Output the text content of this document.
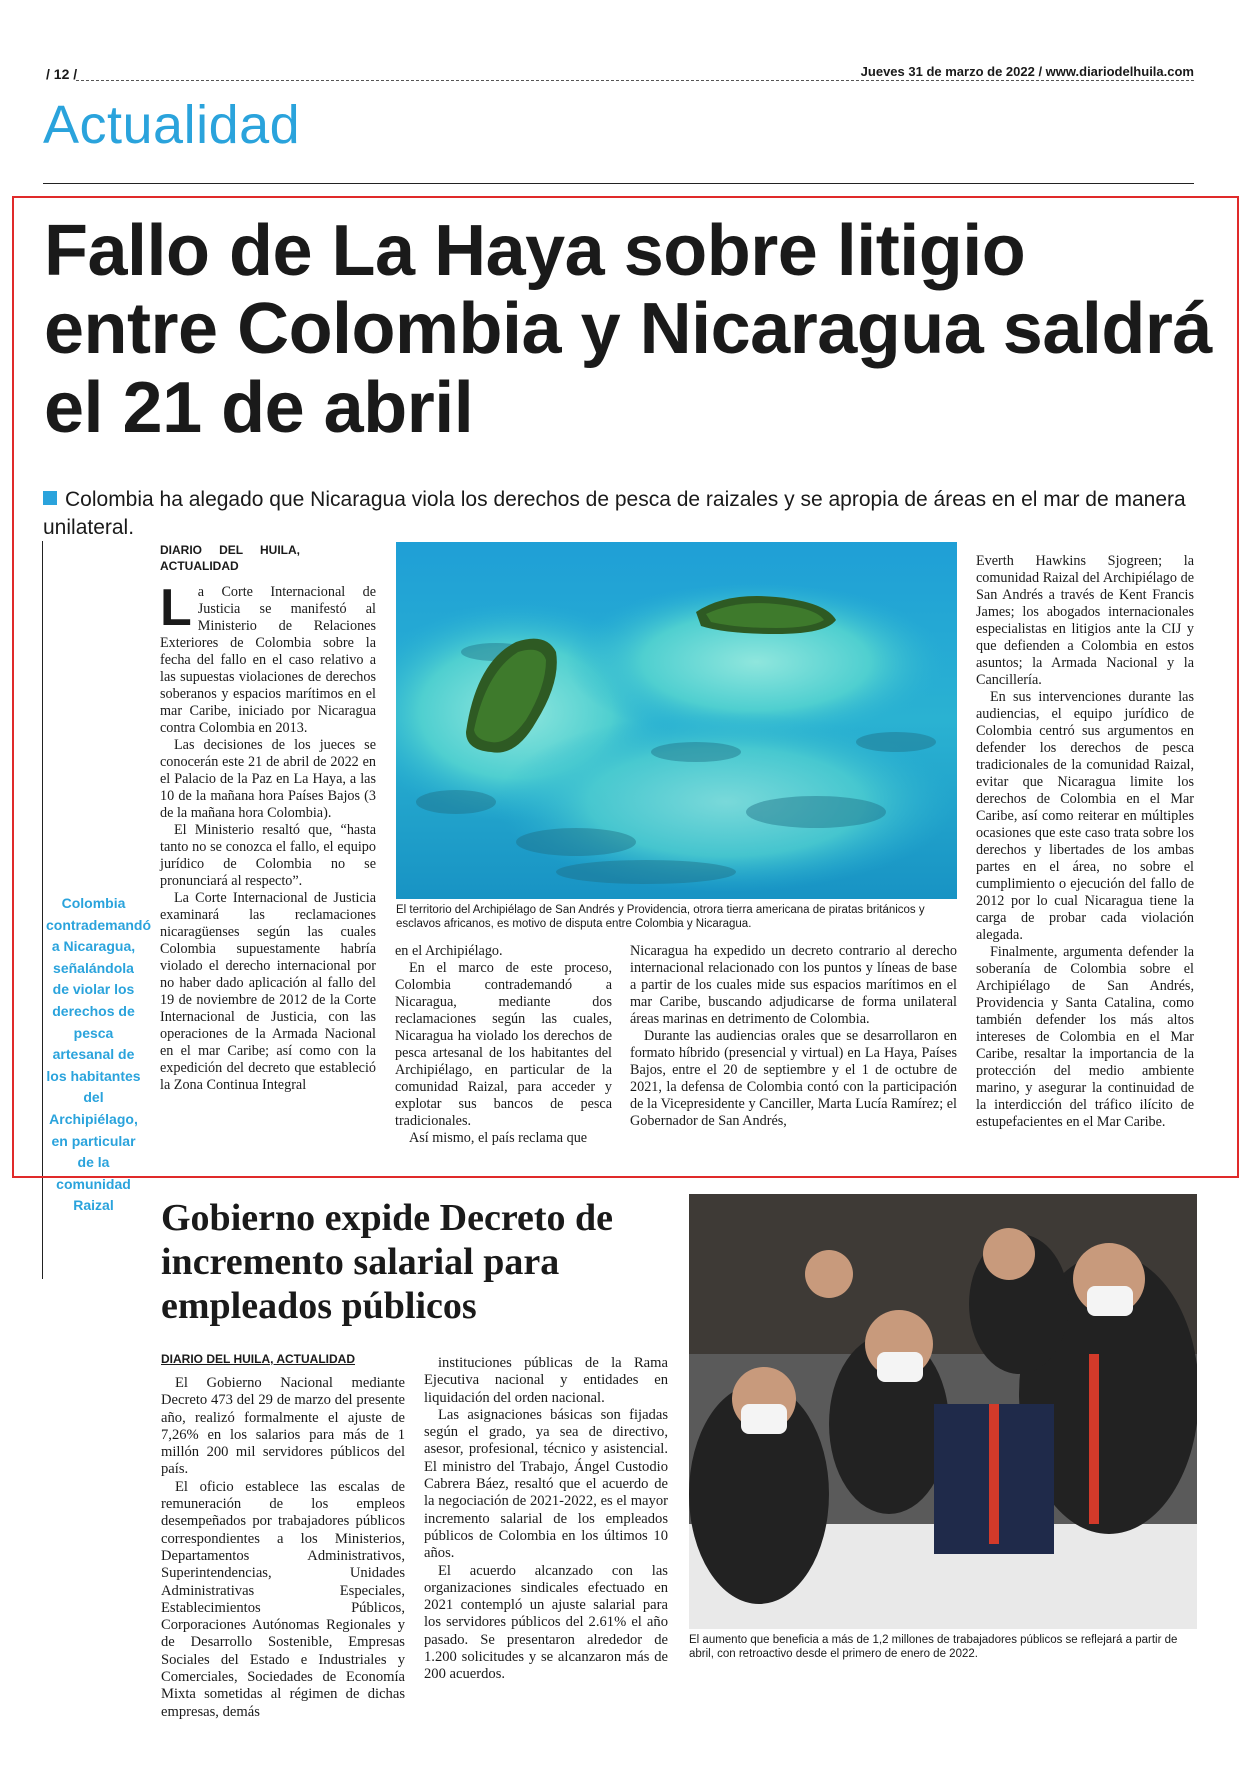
/ 12 /	Jueves 31 de marzo de 2022 / www.diariodelhuila.com
Actualidad
Fallo de La Haya sobre litigio entre Colombia y Nicaragua saldrá el 21 de abril
Colombia ha alegado que Nicaragua viola los derechos de pesca de raizales y se apropia de áreas en el mar de manera unilateral.
Colombia contrademandó a Nicaragua, señalándola de violar los derechos de pesca artesanal de los habitantes del Archipiélago, en particular de la comunidad Raizal
DIARIO DEL HUILA, ACTUALIDAD

La Corte Internacional de Justicia se manifestó al Ministerio de Relaciones Exteriores de Colombia sobre la fecha del fallo en el caso relativo a las supuestas violaciones de derechos soberanos y espacios marítimos en el mar Caribe, iniciado por Nicaragua contra Colombia en 2013.

Las decisiones de los jueces se conocerán este 21 de abril de 2022 en el Palacio de la Paz en La Haya, a las 10 de la mañana hora Países Bajos (3 de la mañana hora Colombia).

El Ministerio resaltó que, “hasta tanto no se conozca el fallo, el equipo jurídico de Colombia no se pronunciará al respecto”.

La Corte Internacional de Justicia examinará las reclamaciones nicaragüenses según las cuales Colombia supuestamente habría violado el derecho internacional por no haber dado aplicación al fallo del 19 de noviembre de 2012 de la Corte Internacional de Justicia, con las operaciones de la Armada Nacional en el mar Caribe; así como con la expedición del decreto que estableció la Zona Continua Integral

El territorio del Archipiélago de San Andrés y Providencia, otrora tierra americana de piratas británicos y esclavos africanos, es motivo de disputa entre Colombia y Nicaragua.

en el Archipiélago.

En el marco de este proceso, Colombia contrademandó a Nicaragua, mediante dos reclamaciones según las cuales, Nicaragua ha violado los derechos de pesca artesanal de los habitantes del Archipiélago, en particular de la comunidad Raizal, para acceder y explotar sus bancos de pesca tradicionales.

Así mismo, el país reclama que

Nicaragua ha expedido un decreto contrario al derecho internacional relacionado con los puntos y líneas de base a partir de los cuales mide sus espacios marítimos en el mar Caribe, buscando adjudicarse de forma unilateral áreas marinas en detrimento de Colombia.

Durante las audiencias orales que se desarrollaron en formato híbrido (presencial y virtual) en La Haya, Países Bajos, entre el 20 de septiembre y el 1 de octubre de 2021, la defensa de Colombia contó con la participación de la Vicepresidente y Canciller, Marta Lucía Ramírez; el Gobernador de San Andrés,

Everth Hawkins Sjogreen; la comunidad Raizal del Archipiélago de San Andrés a través de Kent Francis James; los abogados internacionales especialistas en litigios ante la CIJ y que defienden a Colombia en estos asuntos; la Armada Nacional y la Cancillería.

En sus intervenciones durante las audiencias, el equipo jurídico de Colombia centró sus argumentos en defender los derechos de pesca tradicionales de la comunidad Raizal, evitar que Nicaragua limite los derechos de Colombia en el Mar Caribe, así como reiterar en múltiples ocasiones que este caso trata sobre los derechos y libertades de los ambas partes en el área, no sobre el cumplimiento o ejecución del fallo de 2012 por lo cual Nicaragua tiene la carga de probar cada violación alegada.

Finalmente, argumenta defender la soberanía de Colombia sobre el Archipiélago de San Andrés, Providencia y Santa Catalina, como también defender los más altos intereses de Colombia en el Mar Caribe, resaltar la importancia de la protección del medio ambiente marino, y asegurar la continuidad de la interdicción del tráfico ilícito de estupefacientes en el Mar Caribe.

Gobierno expide Decreto de incremento salarial para empleados públicos
DIARIO DEL HUILA, ACTUALIDAD

El Gobierno Nacional mediante Decreto 473 del 29 de marzo del presente año, realizó formalmente el ajuste de 7,26% en los salarios para más de 1 millón 200 mil servidores públicos del país.

El oficio establece las escalas de remuneración de los empleos desempeñados por trabajadores públicos correspondientes a los Ministerios, Departamentos Administrativos, Superintendencias, Unidades Administrativas Especiales, Establecimientos Públicos, Corporaciones Autónomas Regionales y de Desarrollo Sostenible, Empresas Sociales del Estado e Industriales y Comerciales, Sociedades de Economía Mixta sometidas al régimen de dichas empresas, demás

instituciones públicas de la Rama Ejecutiva nacional y entidades en liquidación del orden nacional.

Las asignaciones básicas son fijadas según el grado, ya sea de directivo, asesor, profesional, técnico y asistencial. El ministro del Trabajo, Ángel Custodio Cabrera Báez, resaltó que el acuerdo de la negociación de 2021-2022, es el mayor incremento salarial de los empleados públicos de Colombia en los últimos 10 años.

El acuerdo alcanzado con las organizaciones sindicales efectuado en 2021 contempló un ajuste salarial para los servidores públicos del 2.61% el año pasado. Se presentaron alrededor de 1.200 solicitudes y se alcanzaron más de 200 acuerdos.

El aumento que beneficia a más de 1,2 millones de trabajadores públicos se reflejará a partir de abril, con retroactivo desde el primero de enero de 2022.
